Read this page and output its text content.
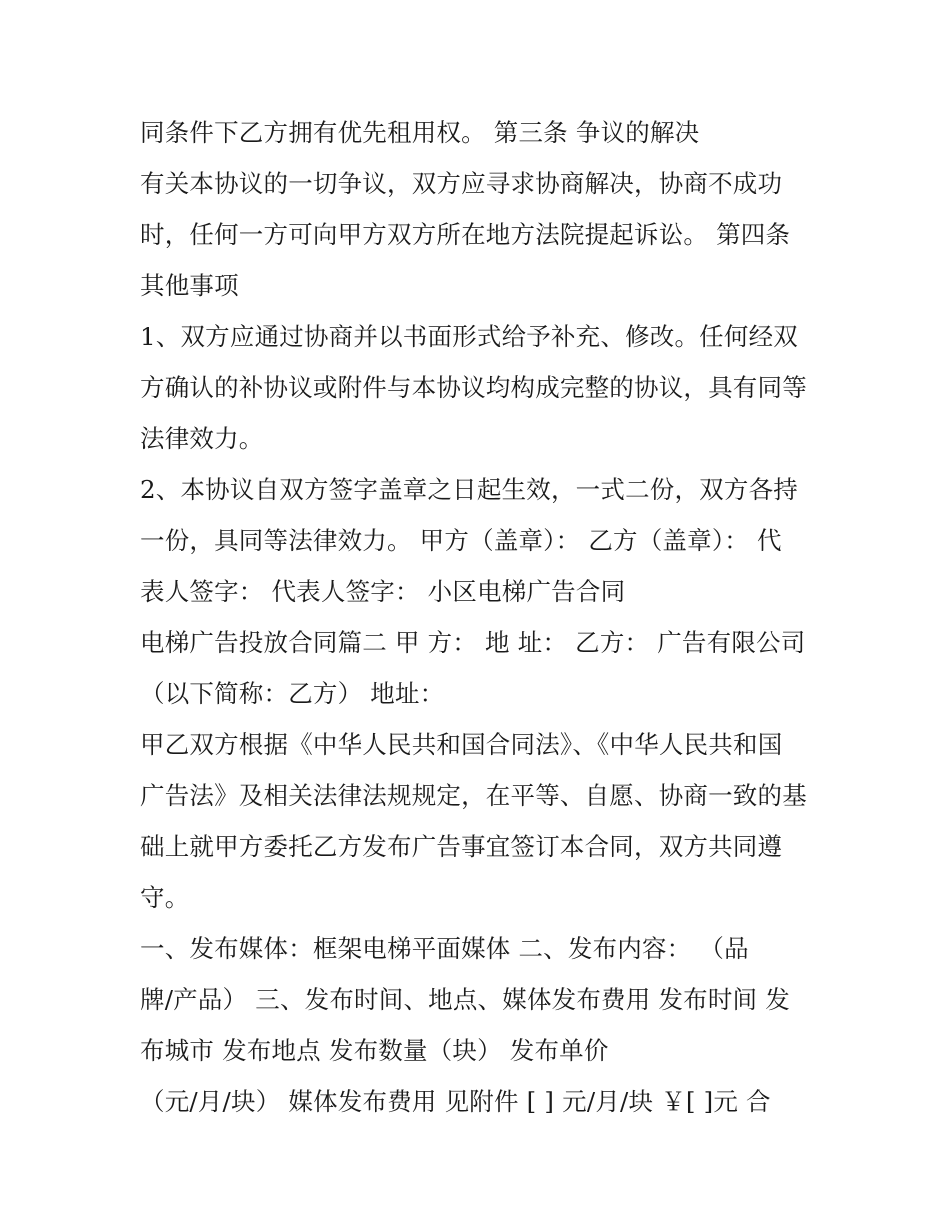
同条件下乙方拥有优先租用权。 第三条 争议的解决
有关本协议的一切争议，双方应寻求协商解决，协商不成功
时，任何一方可向甲方双方所在地方法院提起诉讼。 第四条
其他事项
1、双方应通过协商并以书面形式给予补充、修改。任何经双
方确认的补协议或附件与本协议均构成完整的协议，具有同等
法律效力。
2、本协议自双方签字盖章之日起生效，一式二份，双方各持
一份，具同等法律效力。 甲方（盖章）： 乙方（盖章）： 代
表人签字： 代表人签字： 小区电梯广告合同
电梯广告投放合同篇二 甲 方： 地 址： 乙方： 广告有限公司
（以下简称：乙方） 地址：
甲乙双方根据《中华人民共和国合同法》、《中华人民共和国
广告法》及相关法律法规规定，在平等、自愿、协商一致的基
础上就甲方委托乙方发布广告事宜签订本合同，双方共同遵
守。
一、发布媒体：框架电梯平面媒体 二、发布内容： （品
牌/产品） 三、发布时间、地点、媒体发布费用 发布时间 发
布城市 发布地点 发布数量（块） 发布单价
（元/月/块） 媒体发布费用 见附件 [ ] 元/月/块 ￥[ ]元 合
